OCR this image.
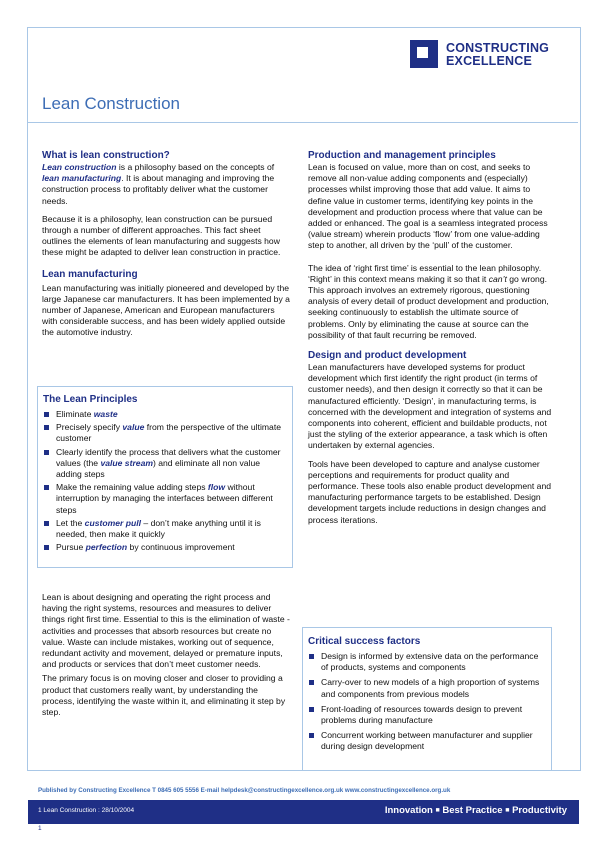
CONSTRUCTING
EXCELLENCE
Lean Construction
What is lean construction?

Lean construction is a philosophy based on the concepts of lean manufacturing. It is about managing and improving the construction process to profitably deliver what the customer needs.

Because it is a philosophy, lean construction can be pursued through a number of different approaches. This fact sheet outlines the elements of lean manufacturing and suggests how these might be adapted to deliver lean construction in practice.

Lean manufacturing

Lean manufacturing was initially pioneered and developed by the large Japanese car manufacturers. It has been implemented by a number of Japanese, American and European manufacturers with considerable success, and has been widely applied outside the automotive industry.

The Lean Principles
Eliminate waste
Precisely specify value from the perspective of the ultimate customer
Clearly identify the process that delivers what the customer values (the value stream) and eliminate all non value adding steps
Make the remaining value adding steps flow without interruption by managing the interfaces between different steps
Let the customer pull – don’t make anything until it is needed, then make it quickly
Pursue perfection by continuous improvement

Lean is about designing and operating the right process and having the right systems, resources and measures to deliver things right first time. Essential to this is the elimination of waste - activities and processes that absorb resources but create no value. Waste can include mistakes, working out of sequence, redundant activity and movement, delayed or premature inputs, and products or services that don’t meet customer needs.

The primary focus is on moving closer and closer to providing a product that customers really want, by understanding the process, identifying the waste within it, and eliminating it step by step.

Production and management principles

Lean is focused on value, more than on cost, and seeks to remove all non-value adding components and (especially) processes whilst improving those that add value. It aims to define value in customer terms, identifying key points in the development and production process where that value can be added or enhanced. The goal is a seamless integrated process (value stream) wherein products ‘flow’ from one value-adding step to another, all driven by the ‘pull’ of the customer.

The idea of ‘right first time’ is essential to the lean philosophy. ‘Right’ in this context means making it so that it can’t go wrong. This approach involves an extremely rigorous, questioning analysis of every detail of product development and production, seeking continuously to establish the ultimate source of problems. Only by eliminating the cause at source can the possibility of that fault recurring be removed.

Design and product development

Lean manufacturers have developed systems for product development which first identify the right product (in terms of customer needs), and then design it correctly so that it can be manufactured efficiently. ‘Design’, in manufacturing terms, is concerned with the development and integration of systems and components into coherent, efficient and buildable products, not just the styling of the exterior appearance, a task which is often undertaken by external agencies.

Tools have been developed to capture and analyse customer perceptions and requirements for product quality and performance. These tools also enable product development and manufacturing performance targets to be established. Design development targets include reductions in design changes and process iterations.

Critical success factors
Design is informed by extensive data on the performance of products, systems and components
Carry-over to new models of a high proportion of systems and components from previous models
Front-loading of resources towards design to prevent problems during manufacture
Concurrent working between manufacturer and supplier during design development
Published by Constructing Excellence T 0845 605 5556 E-mail helpdesk@constructingexcellence.org.uk www.constructingexcellence.org.uk
1 Lean Construction : 28/10/2004	Innovation ■ Best Practice ■ Productivity
1
